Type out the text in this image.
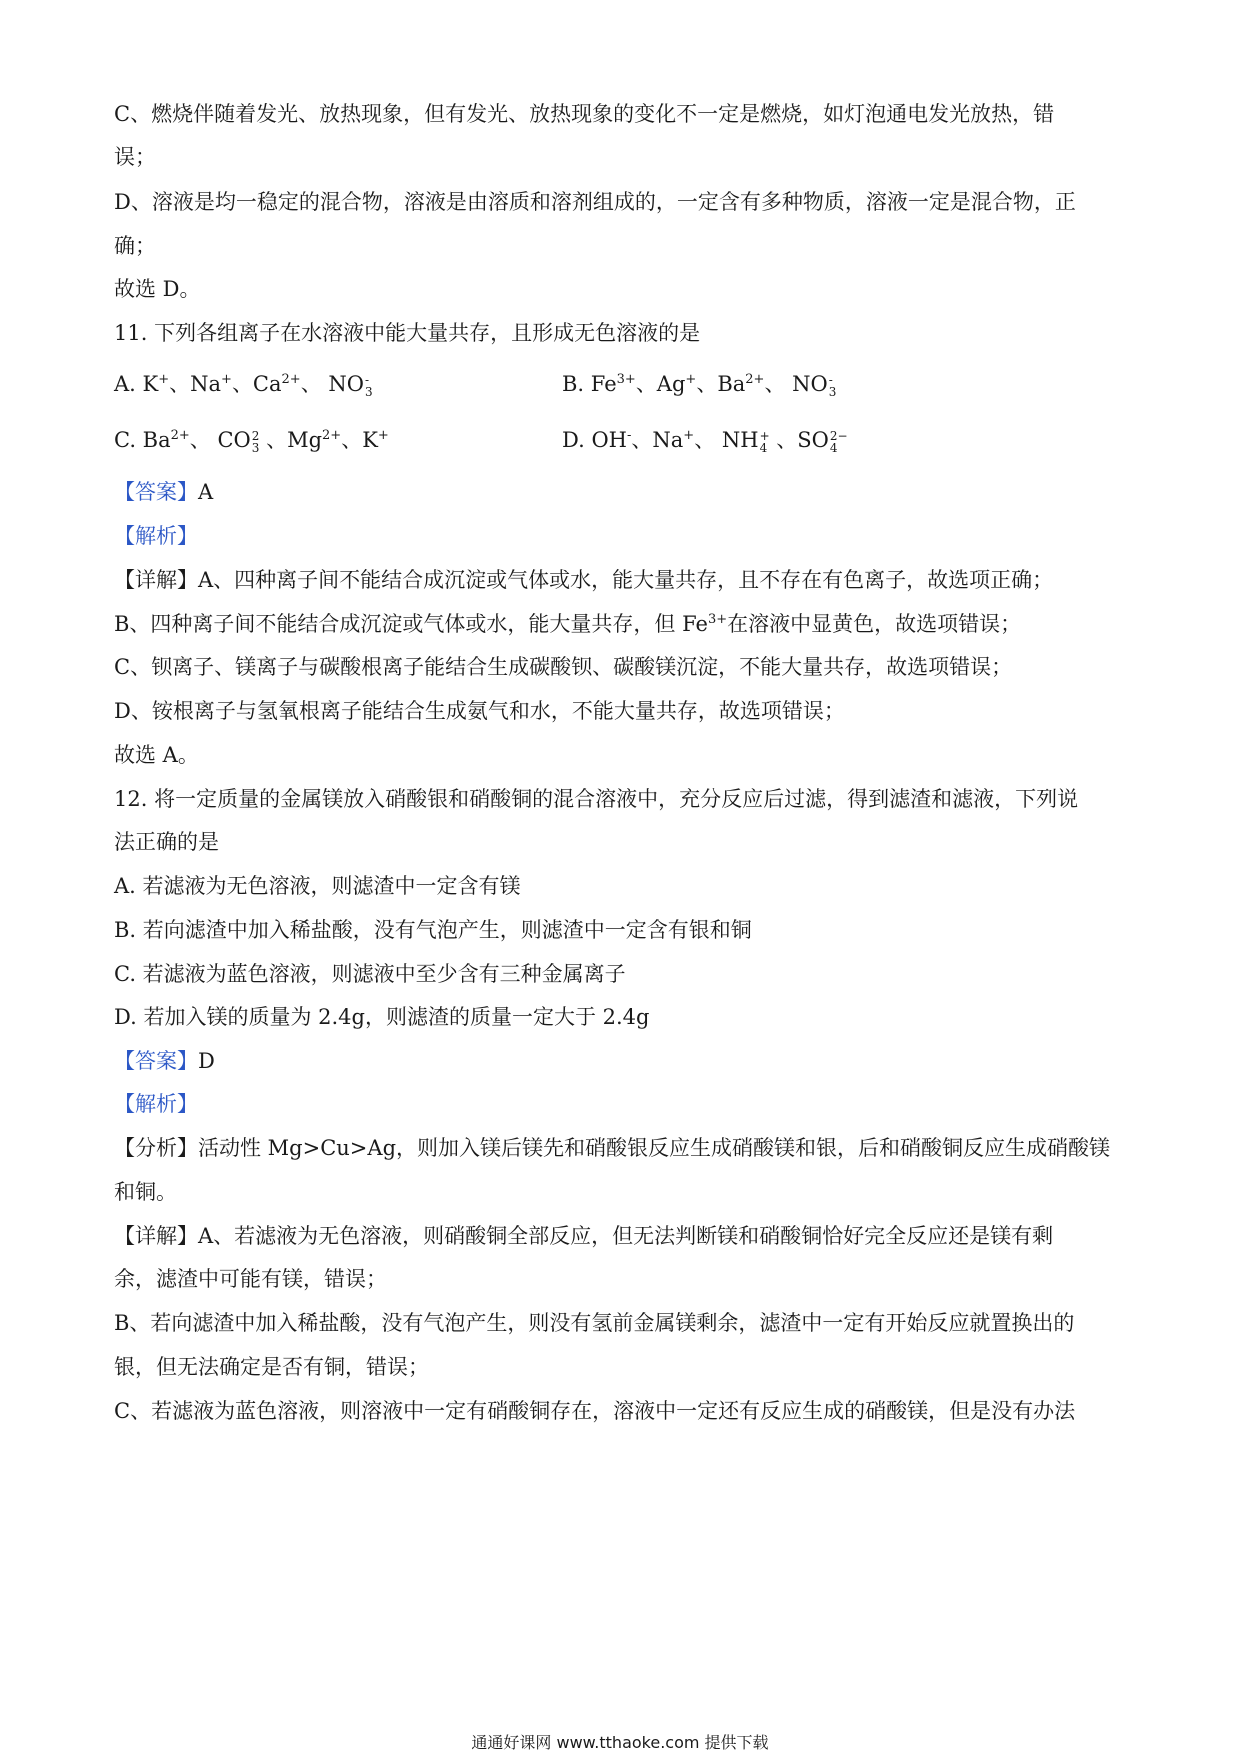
C、燃烧伴随着发光、放热现象，但有发光、放热现象的变化不一定是燃烧，如灯泡通电发光放热，错
误；
D、溶液是均一稳定的混合物，溶液是由溶质和溶剂组成的，一定含有多种物质，溶液一定是混合物，正
确；
故选 D。
11. 下列各组离子在水溶液中能大量共存，且形成无色溶液的是
A. K+、Na+、$Ca^{2+}$、 NO -
3	B. $Fe^{3+}$、Ag+、$Ba^{2+}$、 NO -
3
C. $Ba^{2+}$、 CO 2
3 、$Mg^{2+}$、K+	D. OH-、Na+、 NH +
4 、SO 2−
4
【答案】A
【解析】
【详解】A、四种离子间不能结合成沉淀或气体或水，能大量共存，且不存在有色离子，故选项正确；
B、四种离子间不能结合成沉淀或气体或水，能大量共存，但 $Fe^{3+}$在溶液中显黄色，故选项错误；
C、钡离子、镁离子与碳酸根离子能结合生成碳酸钡、碳酸镁沉淀，不能大量共存，故选项错误；
D、铵根离子与氢氧根离子能结合生成氨气和水，不能大量共存，故选项错误；
故选 A。
12. 将一定质量的金属镁放入硝酸银和硝酸铜的混合溶液中，充分反应后过滤，得到滤渣和滤液，下列说
法正确的是
A. 若滤液为无色溶液，则滤渣中一定含有镁
B. 若向滤渣中加入稀盐酸，没有气泡产生，则滤渣中一定含有银和铜
C. 若滤液为蓝色溶液，则滤液中至少含有三种金属离子
D. 若加入镁的质量为 2.4g，则滤渣的质量一定大于 2.4g
【答案】D
【解析】
【分析】活动性 Mg>Cu>Ag，则加入镁后镁先和硝酸银反应生成硝酸镁和银，后和硝酸铜反应生成硝酸镁
和铜。
【详解】A、若滤液为无色溶液，则硝酸铜全部反应，但无法判断镁和硝酸铜恰好完全反应还是镁有剩
余，滤渣中可能有镁，错误；
B、若向滤渣中加入稀盐酸，没有气泡产生，则没有氢前金属镁剩余，滤渣中一定有开始反应就置换出的
银，但无法确定是否有铜，错误；
C、若滤液为蓝色溶液，则溶液中一定有硝酸铜存在，溶液中一定还有反应生成的硝酸镁，但是没有办法
通通好课网 www.tthaoke.com 提供下载
